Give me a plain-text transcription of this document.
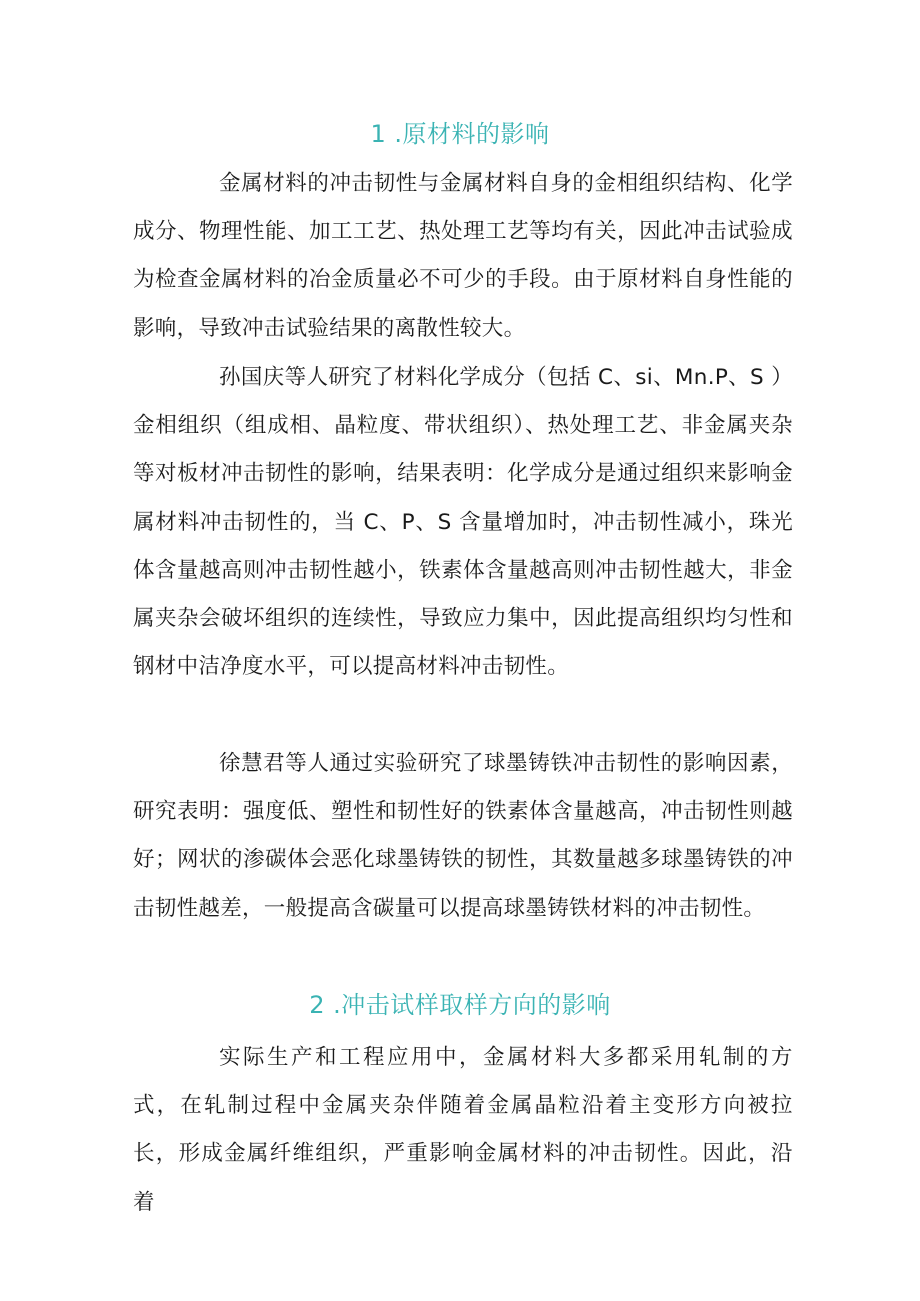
1 .原材料的影响

金属材料的冲击韧性与金属材料自身的金相组织结构、化学成分、物理性能、加工工艺、热处理工艺等均有关，因此冲击试验成为检查金属材料的冶金质量必不可少的手段。由于原材料自身性能的影响，导致冲击试验结果的离散性较大。

孙国庆等人研究了材料化学成分（包括 C、si、Mn.P、S ）金相组织（组成相、晶粒度、带状组织）、热处理工艺、非金属夹杂等对板材冲击韧性的影响，结果表明：化学成分是通过组织来影响金属材料冲击韧性的，当 C、P、S 含量增加时，冲击韧性减小，珠光体含量越高则冲击韧性越小，铁素体含量越高则冲击韧性越大，非金属夹杂会破坏组织的连续性，导致应力集中，因此提高组织均匀性和钢材中洁净度水平，可以提高材料冲击韧性。

徐慧君等人通过实验研究了球墨铸铁冲击韧性的影响因素，研究表明：强度低、塑性和韧性好的铁素体含量越高，冲击韧性则越好；网状的渗碳体会恶化球墨铸铁的韧性，其数量越多球墨铸铁的冲击韧性越差，一般提高含碳量可以提高球墨铸铁材料的冲击韧性。

2 .冲击试样取样方向的影响

实际生产和工程应用中，金属材料大多都采用轧制的方式，在轧制过程中金属夹杂伴随着金属晶粒沿着主变形方向被拉长，形成金属纤维组织，严重影响金属材料的冲击韧性。因此，沿着
